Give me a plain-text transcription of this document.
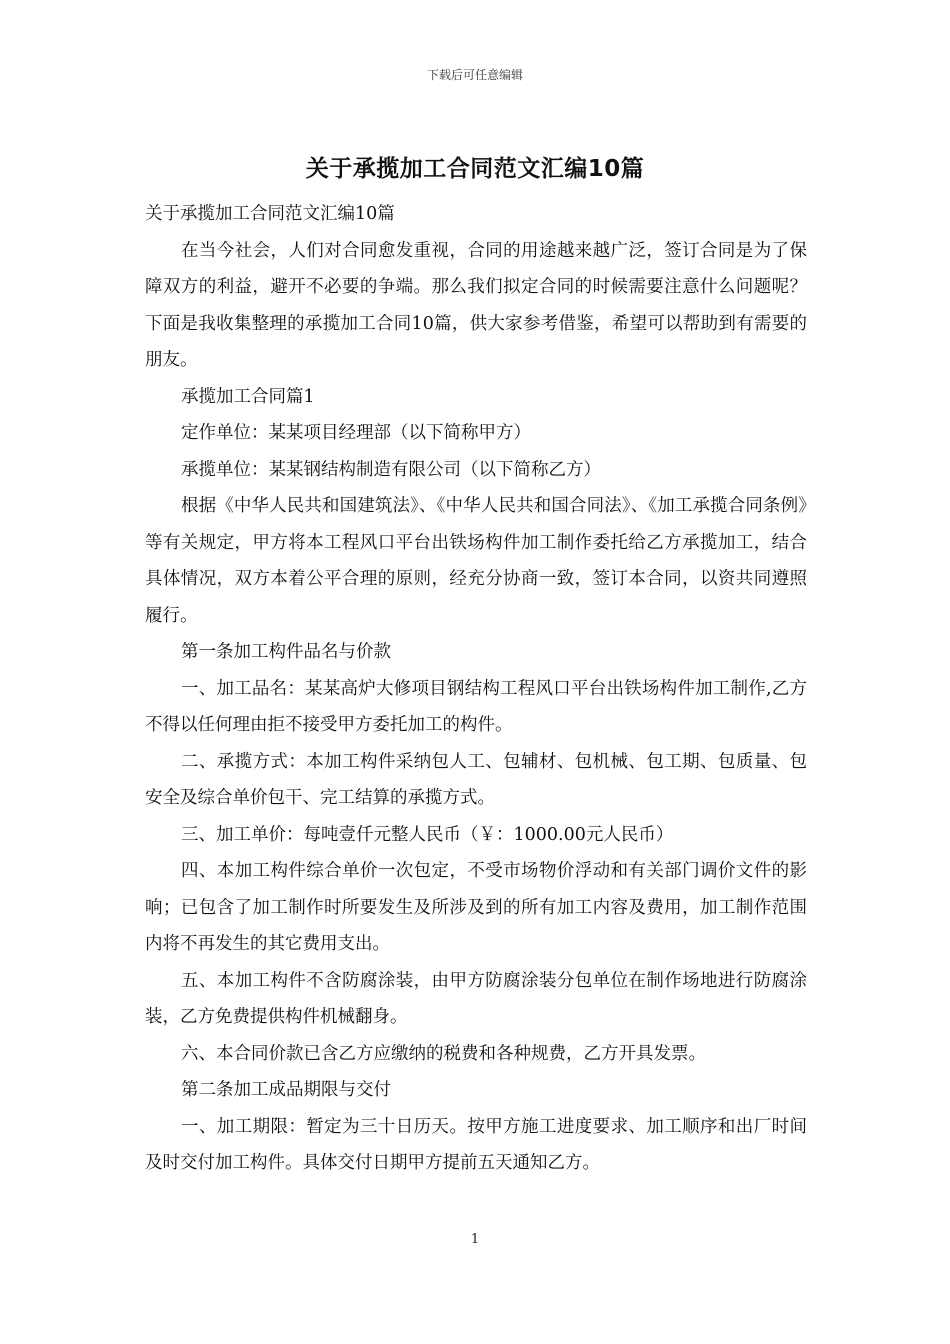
下载后可任意编辑
关于承揽加工合同范文汇编10篇

关于承揽加工合同范文汇编10篇

在当今社会，人们对合同愈发重视，合同的用途越来越广泛，签订合同是为了保障双方的利益，避开不必要的争端。那么我们拟定合同的时候需要注意什么问题呢？下面是我收集整理的承揽加工合同10篇，供大家参考借鉴，希望可以帮助到有需要的朋友。

承揽加工合同篇1

定作单位：某某项目经理部（以下简称甲方）

承揽单位：某某钢结构制造有限公司（以下简称乙方）

根据《中华人民共和国建筑法》、《中华人民共和国合同法》、《加工承揽合同条例》等有关规定，甲方将本工程风口平台出铁场构件加工制作委托给乙方承揽加工，结合具体情况，双方本着公平合理的原则，经充分协商一致，签订本合同，以资共同遵照履行。

第一条加工构件品名与价款

一、加工品名：某某高炉大修项目钢结构工程风口平台出铁场构件加工制作,乙方不得以任何理由拒不接受甲方委托加工的构件。

二、承揽方式：本加工构件采纳包人工、包辅材、包机械、包工期、包质量、包安全及综合单价包干、完工结算的承揽方式。

三、加工单价：每吨壹仟元整人民币（￥：1000.00元人民币）

四、本加工构件综合单价一次包定，不受市场物价浮动和有关部门调价文件的影响；已包含了加工制作时所要发生及所涉及到的所有加工内容及费用，加工制作范围内将不再发生的其它费用支出。

五、本加工构件不含防腐涂装，由甲方防腐涂装分包单位在制作场地进行防腐涂装，乙方免费提供构件机械翻身。

六、本合同价款已含乙方应缴纳的税费和各种规费，乙方开具发票。

第二条加工成品期限与交付

一、加工期限：暂定为三十日历天。按甲方施工进度要求、加工顺序和出厂时间及时交付加工构件。具体交付日期甲方提前五天通知乙方。

1
